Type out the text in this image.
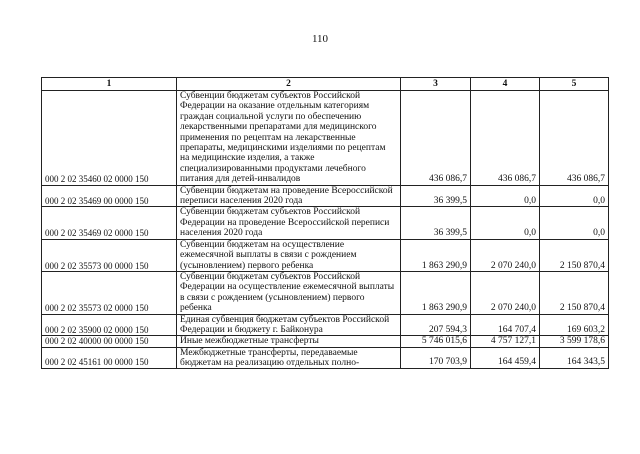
110
1	2	3	4	5
000 2 02 35460 02 0000 150	Субвенции бюджетам субъектов Российской Федерации на оказание отдельным категориям граждан социальной услуги по обеспечению лекарственными препаратами для медицинского применения по рецептам на лекарственные препараты, медицинскими изделиями по рецептам на медицинские изделия, а также специализированными продуктами лечебного питания для детей-инвалидов	436 086,7	436 086,7	436 086,7
000 2 02 35469 00 0000 150	Субвенции бюджетам на проведение Всероссийской переписи населения 2020 года	36 399,5	0,0	0,0
000 2 02 35469 02 0000 150	Субвенции бюджетам субъектов Российской Федерации на проведение Всероссийской переписи населения 2020 года	36 399,5	0,0	0,0
000 2 02 35573 00 0000 150	Субвенции бюджетам на осуществление ежемесячной выплаты в связи с рождением (усыновлением) первого ребенка	1 863 290,9	2 070 240,0	2 150 870,4
000 2 02 35573 02 0000 150	Субвенции бюджетам субъектов Российской Федерации на осуществление ежемесячной выплаты в связи с рождением (усыновлением) первого ребенка	1 863 290,9	2 070 240,0	2 150 870,4
000 2 02 35900 02 0000 150	Единая субвенция бюджетам субъектов Российской Федерации и бюджету г. Байконура	207 594,3	164 707,4	169 603,2
000 2 02 40000 00 0000 150	Иные межбюджетные трансферты	5 746 015,6	4 757 127,1	3 599 178,6
000 2 02 45161 00 0000 150	Межбюджетные трансферты, передаваемые бюджетам на реализацию отдельных полно-	170 703,9	164 459,4	164 343,5
